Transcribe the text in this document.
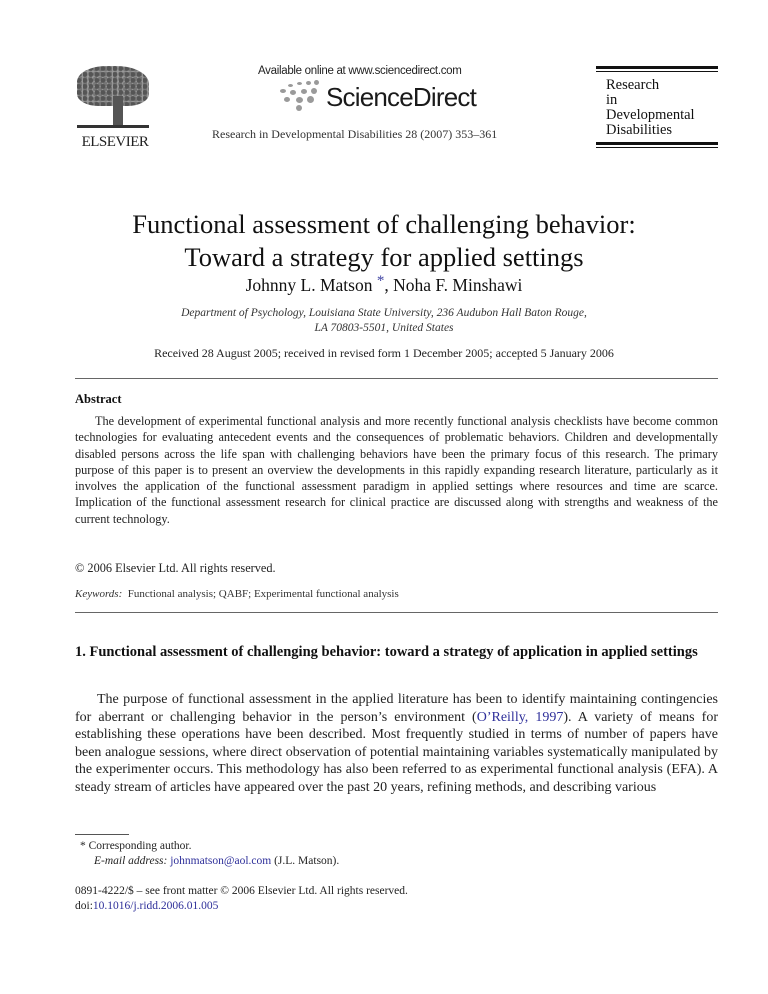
ELSEVIER
Available online at www.sciencedirect.com
ScienceDirect
Research in Developmental Disabilities 28 (2007) 353–361
Research
in
Developmental
Disabilities
Functional assessment of challenging behavior:
Toward a strategy for applied settings
Johnny L. Matson *, Noha F. Minshawi
Department of Psychology, Louisiana State University, 236 Audubon Hall Baton Rouge,
LA 70803-5501, United States
Received 28 August 2005; received in revised form 1 December 2005; accepted 5 January 2006
Abstract

The development of experimental functional analysis and more recently functional analysis checklists have become common technologies for evaluating antecedent events and the consequences of problematic behaviors. Children and developmentally disabled persons across the life span with challenging behaviors have been the primary focus of this research. The primary purpose of this paper is to present an overview the developments in this rapidly expanding research literature, particularly as it involves the application of the functional assessment paradigm in applied settings where resources and time are scarce. Implication of the functional assessment research for clinical practice are discussed along with strengths and weakness of the current technology.

© 2006 Elsevier Ltd. All rights reserved.
Keywords: Functional analysis; QABF; Experimental functional analysis
1. Functional assessment of challenging behavior: toward a strategy of application in applied settings

The purpose of functional assessment in the applied literature has been to identify maintaining contingencies for aberrant or challenging behavior in the person’s environment (O’Reilly, 1997). A variety of means for establishing these operations have been described. Most frequently studied in terms of number of papers have been analogue sessions, where direct observation of potential maintaining variables systematically manipulated by the experimenter occurs. This methodology has also been referred to as experimental functional analysis (EFA). A steady stream of articles have appeared over the past 20 years, refining methods, and describing various

* Corresponding author.
E-mail address: johnmatson@aol.com (J.L. Matson).
0891-4222/$ – see front matter © 2006 Elsevier Ltd. All rights reserved.
doi:10.1016/j.ridd.2006.01.005
